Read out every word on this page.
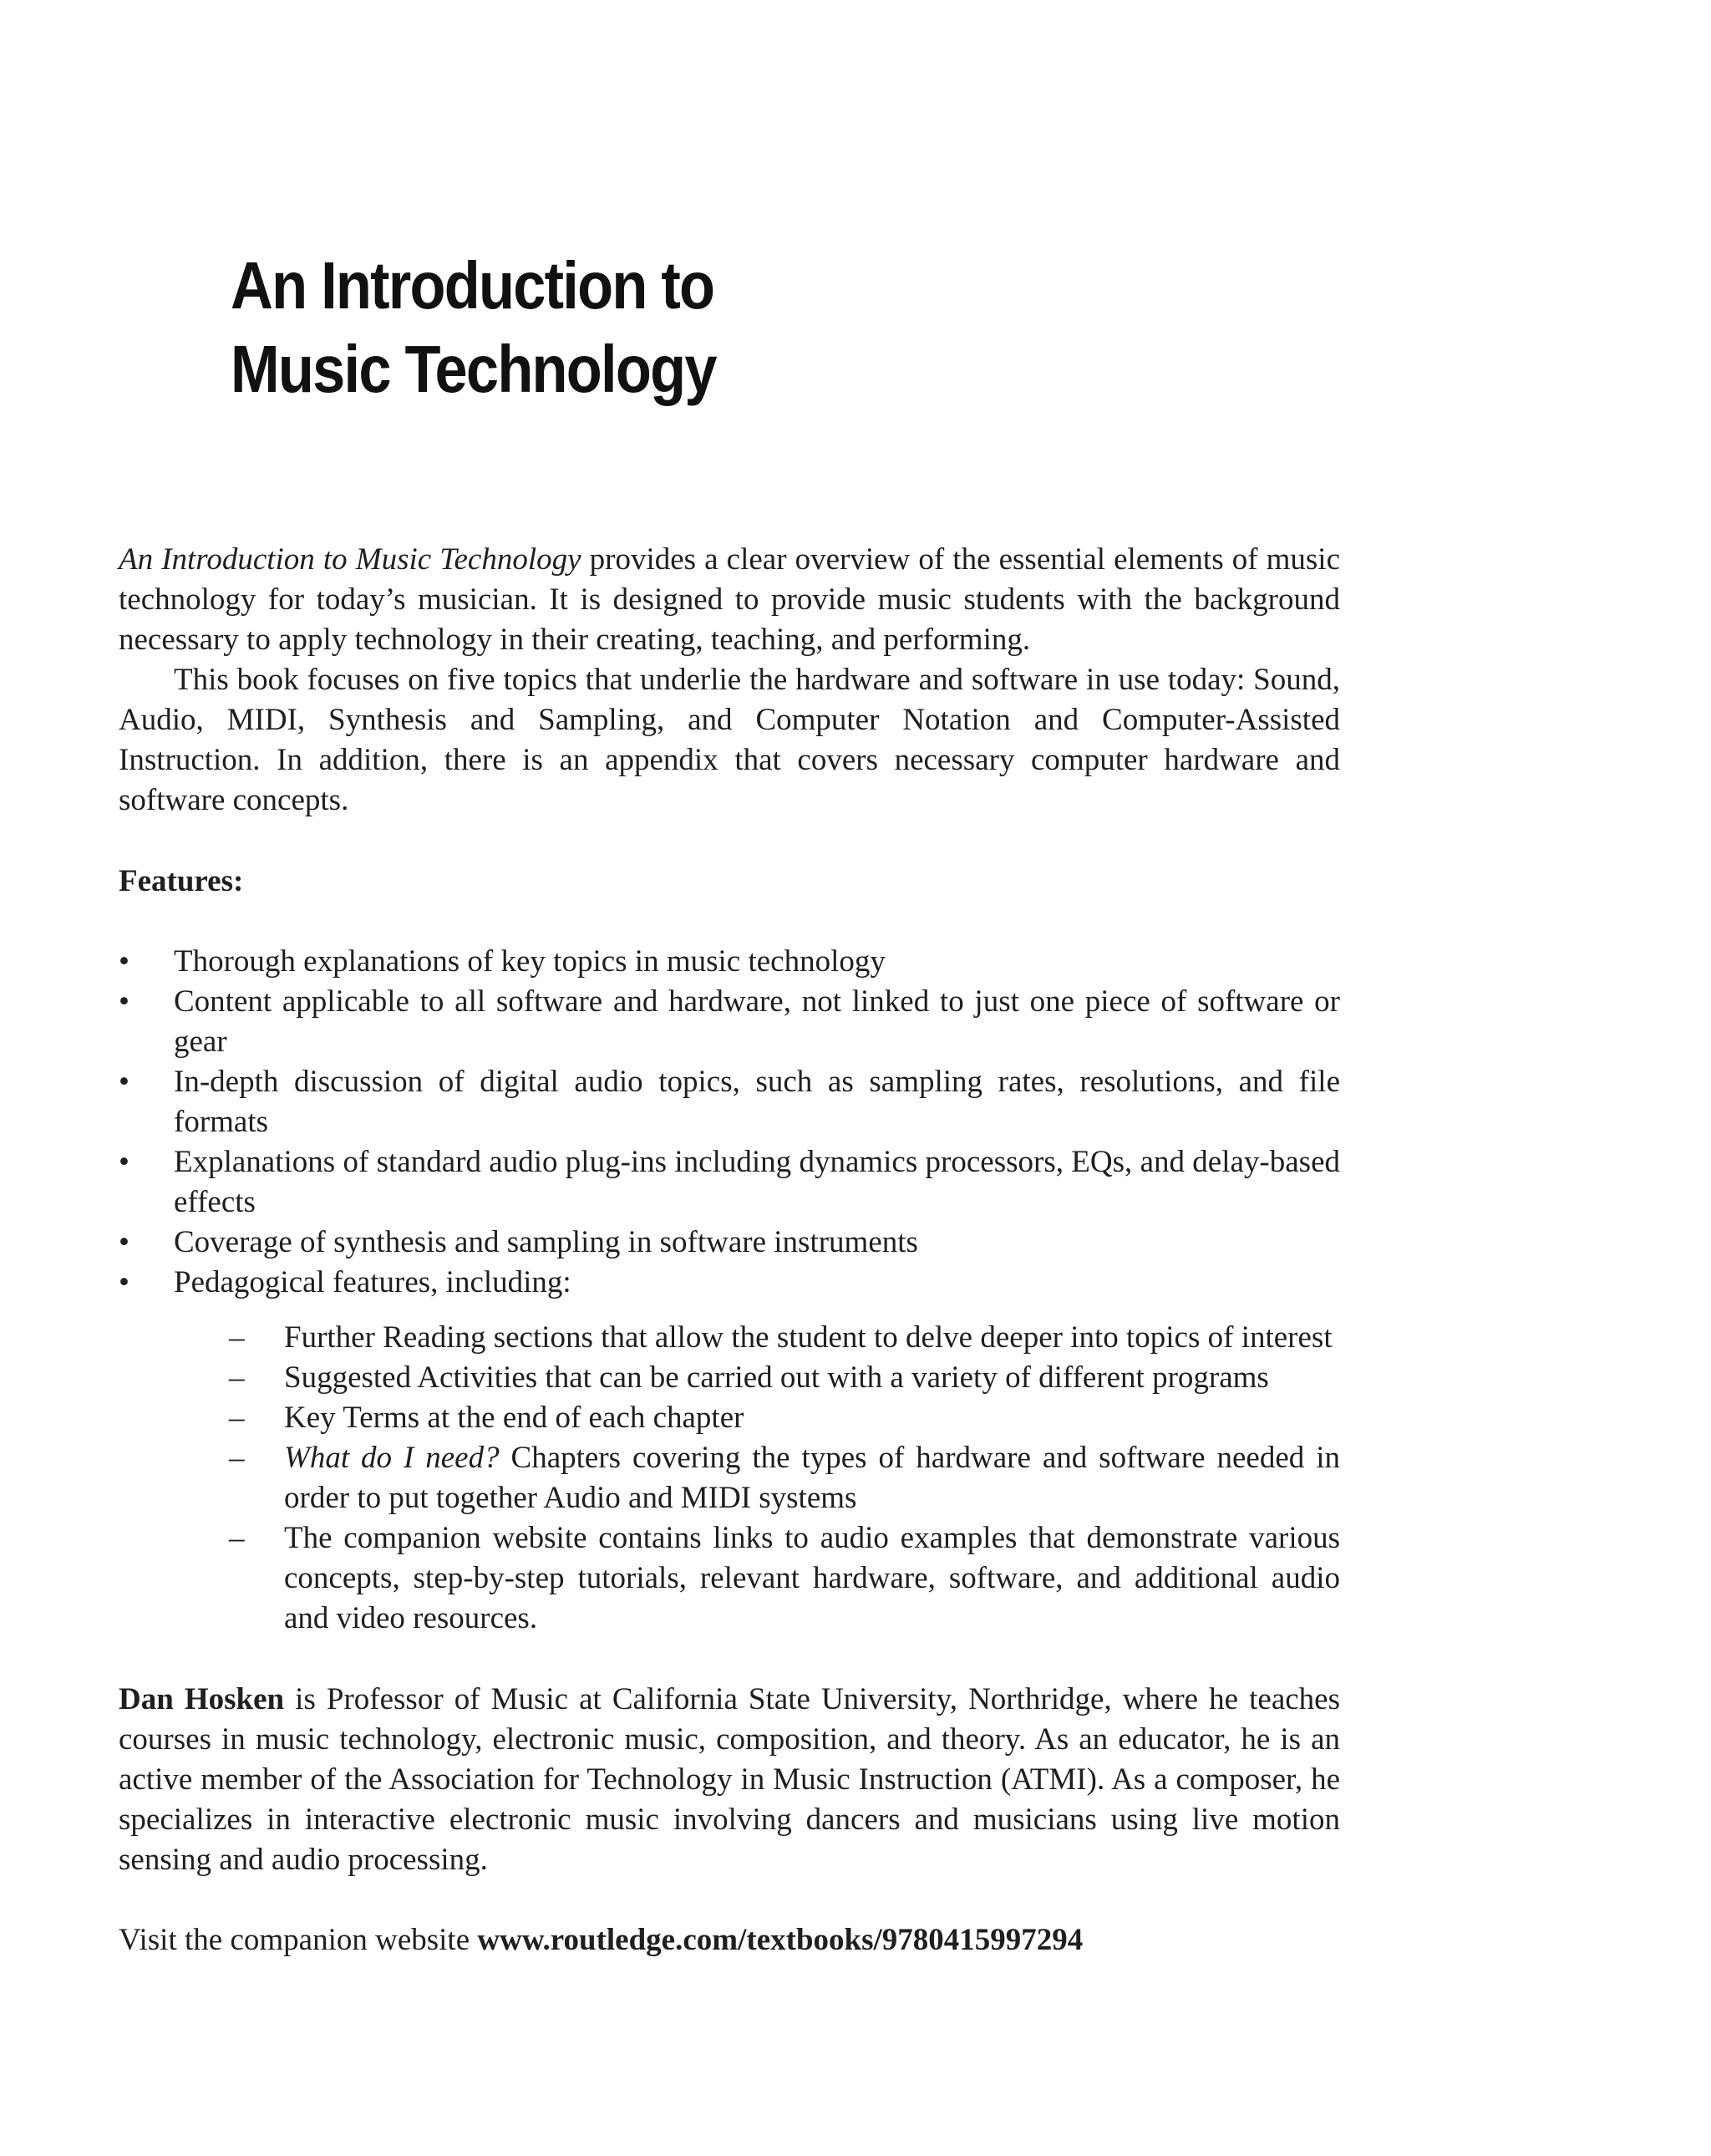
An Introduction to
Music Technology

An Introduction to Music Technology provides a clear overview of the essential elements of music technology for today’s musician. It is designed to provide music students with the background necessary to apply technology in their creating, teaching, and performing.

This book focuses on five topics that underlie the hardware and software in use today: Sound, Audio, MIDI, Synthesis and Sampling, and Computer Notation and Computer-Assisted Instruction. In addition, there is an appendix that covers necessary computer hardware and software concepts.

Features:

• Thorough explanations of key topics in music technology
• Content applicable to all software and hardware, not linked to just one piece of software or gear
• In-depth discussion of digital audio topics, such as sampling rates, resolutions, and file formats
• Explanations of standard audio plug-ins including dynamics processors, EQs, and delay-based effects
• Coverage of synthesis and sampling in software instruments
• Pedagogical features, including:
– Further Reading sections that allow the student to delve deeper into topics of interest
– Suggested Activities that can be carried out with a variety of different programs
– Key Terms at the end of each chapter
– What do I need? Chapters covering the types of hardware and software needed in order to put together Audio and MIDI systems
– The companion website contains links to audio examples that demonstrate various concepts, step-by-step tutorials, relevant hardware, software, and additional audio and video resources.

Dan Hosken is Professor of Music at California State University, Northridge, where he teaches courses in music technology, electronic music, composition, and theory. As an educator, he is an active member of the Association for Technology in Music Instruction (ATMI). As a composer, he specializes in interactive electronic music involving dancers and musicians using live motion sensing and audio processing.

Visit the companion website www.routledge.com/textbooks/9780415997294
